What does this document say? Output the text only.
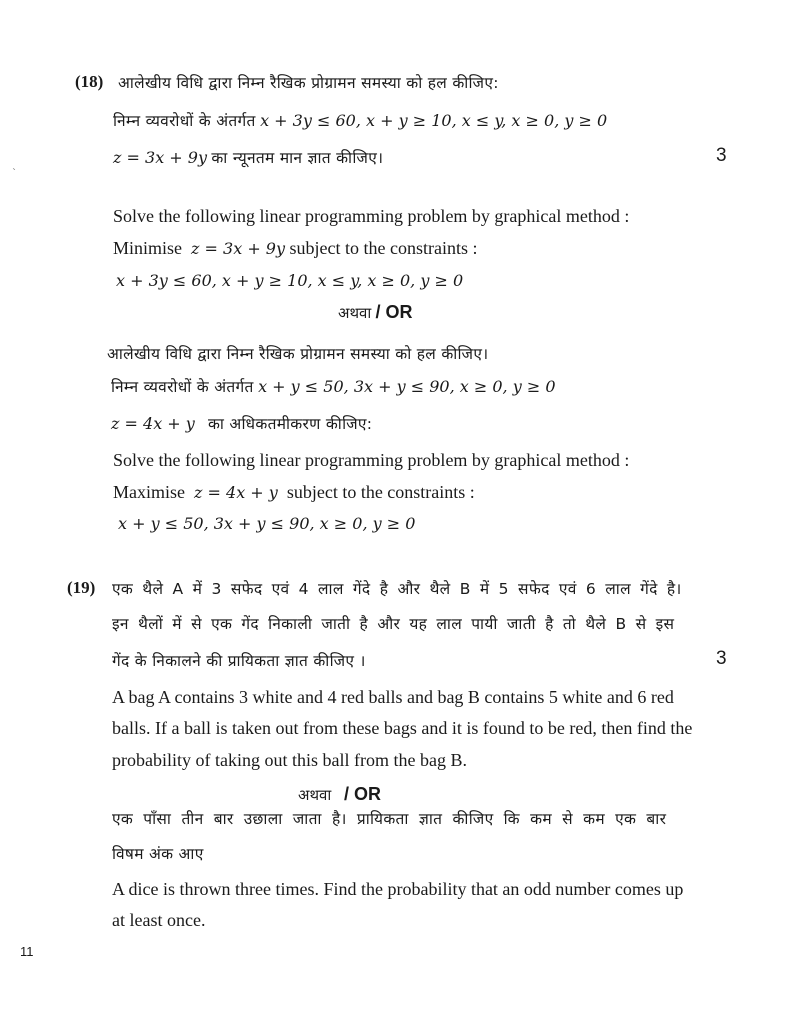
(18) आलेखीय विधि द्वारा निम्न रैखिक प्रोग्रामन समस्या को हल कीजिए:
निम्न व्यवरोधों के अंतर्गत x + 3y ≤ 60, x + y ≥ 10, x ≤ y, x ≥ 0, y ≥ 0
z = 3x + 9y का न्यूनतम मान ज्ञात कीजिए।	3
Solve the following linear programming problem by graphical method :
Minimise z = 3x + 9y subject to the constraints :
x + 3y ≤ 60, x + y ≥ 10, x ≤ y, x ≥ 0, y ≥ 0
अथवा / OR
आलेखीय विधि द्वारा निम्न रैखिक प्रोग्रामन समस्या को हल कीजिए।
निम्न व्यवरोधों के अंतर्गत x + y ≤ 50, 3x + y ≤ 90, x ≥ 0, y ≥ 0
z = 4x + y का अधिकतमीकरण कीजिए:
Solve the following linear programming problem by graphical method :
Maximise z = 4x + y subject to the constraints :
x + y ≤ 50, 3x + y ≤ 90, x ≥ 0, y ≥ 0
(19) एक थैले A में 3 सफेद एवं 4 लाल गेंदे है और थैले B में 5 सफेद एवं 6 लाल गेंदे है।
इन थैलों में से एक गेंद निकाली जाती है और यह लाल पायी जाती है तो थैले B से इस
गेंद के निकालने की प्रायिकता ज्ञात कीजिए ।	3
A bag A contains 3 white and 4 red balls and bag B contains 5 white and 6 red
balls. If a ball is taken out from these bags and it is found to be red, then find the
probability of taking out this ball from the bag B.
अथवा / OR
एक पाँसा तीन बार उछाला जाता है। प्रायिकता ज्ञात कीजिए कि कम से कम एक बार
विषम अंक आए
A dice is thrown three times. Find the probability that an odd number comes up
at least once.
`
11
